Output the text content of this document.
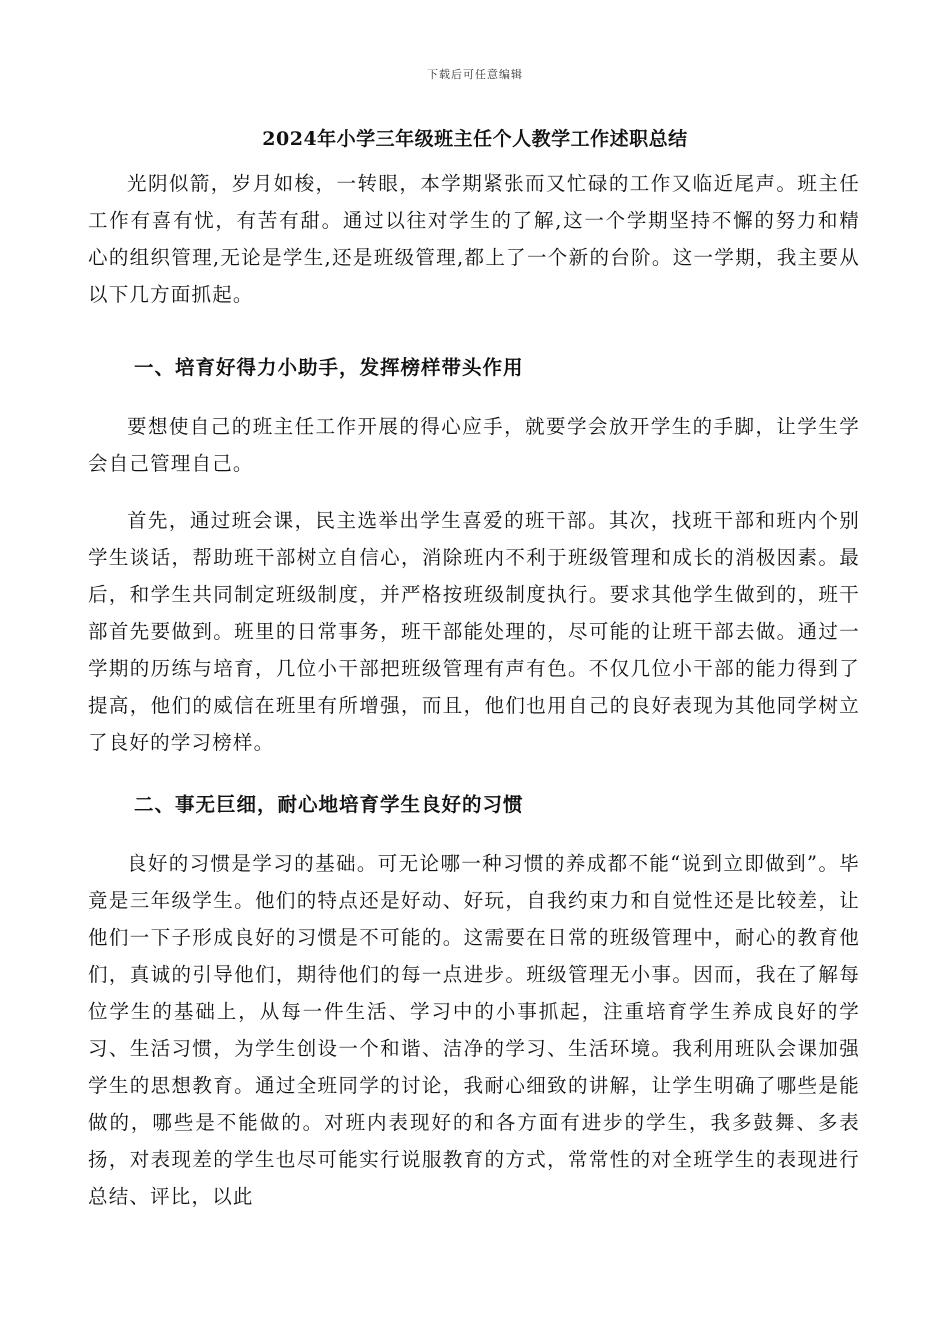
下载后可任意编辑
2024年小学三年级班主任个人教学工作述职总结

光阴似箭，岁月如梭，一转眼，本学期紧张而又忙碌的工作又临近尾声。班主任工作有喜有忧，有苦有甜。通过以往对学生的了解,这一个学期坚持不懈的努力和精心的组织管理,无论是学生,还是班级管理,都上了一个新的台阶。这一学期，我主要从以下几方面抓起。

一、培育好得力小助手，发挥榜样带头作用

要想使自己的班主任工作开展的得心应手，就要学会放开学生的手脚，让学生学会自己管理自己。

首先，通过班会课，民主选举出学生喜爱的班干部。其次，找班干部和班内个别学生谈话，帮助班干部树立自信心，消除班内不利于班级管理和成长的消极因素。最后，和学生共同制定班级制度，并严格按班级制度执行。要求其他学生做到的，班干部首先要做到。班里的日常事务，班干部能处理的，尽可能的让班干部去做。通过一学期的历练与培育，几位小干部把班级管理有声有色。不仅几位小干部的能力得到了提高，他们的威信在班里有所增强，而且，他们也用自己的良好表现为其他同学树立了良好的学习榜样。

二、事无巨细，耐心地培育学生良好的习惯

良好的习惯是学习的基础。可无论哪一种习惯的养成都不能“说到立即做到”。毕竟是三年级学生。他们的特点还是好动、好玩，自我约束力和自觉性还是比较差，让他们一下子形成良好的习惯是不可能的。这需要在日常的班级管理中，耐心的教育他们，真诚的引导他们，期待他们的每一点进步。班级管理无小事。因而，我在了解每位学生的基础上，从每一件生活、学习中的小事抓起，注重培育学生养成良好的学习、生活习惯，为学生创设一个和谐、洁净的学习、生活环境。我利用班队会课加强学生的思想教育。通过全班同学的讨论，我耐心细致的讲解，让学生明确了哪些是能做的，哪些是不能做的。对班内表现好的和各方面有进步的学生，我多鼓舞、多表扬，对表现差的学生也尽可能实行说服教育的方式，常常性的对全班学生的表现进行总结、评比，以此
